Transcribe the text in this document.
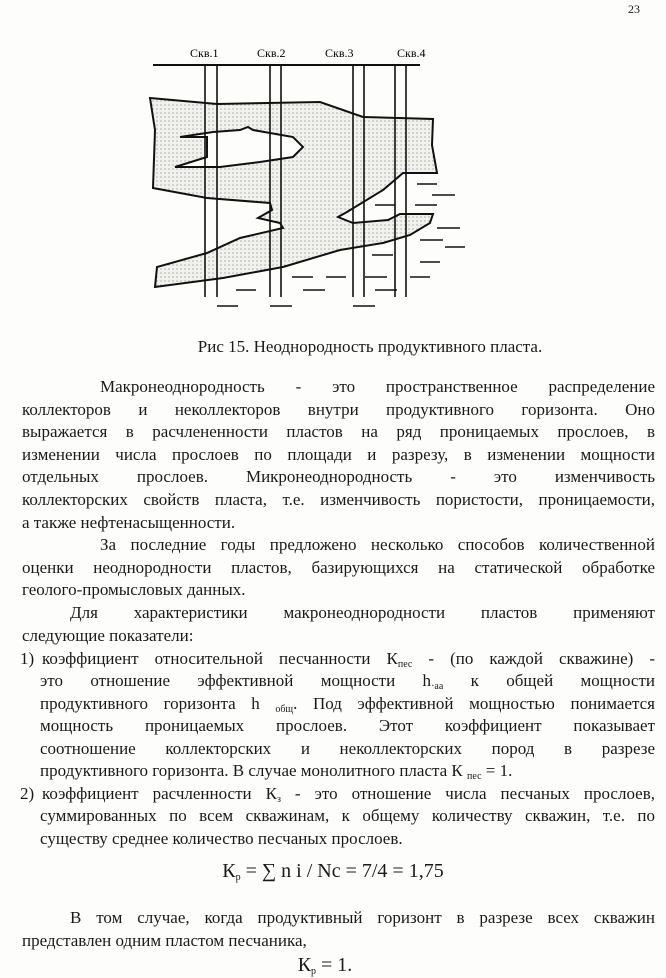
23
Скв.1	Скв.2	Скв.3	Скв.4
Рис 15. Неоднородность продуктивного пласта.
Макронеоднородность - это пространственное распределение
коллекторов и неколлекторов внутри продуктивного горизонта. Оно
выражается в расчлененности пластов на ряд проницаемых прослоев, в
изменении числа прослоев по площади и разрезу, в изменении мощности
отдельных прослоев. Микронеоднородность - это изменчивость
коллекторских свойств пласта, т.е. изменчивость пористости, проницаемости,
а также нефтенасыщенности.
За последние годы предложено несколько способов количественной
оценки неоднородности пластов, базирующихся на статической обработке
геолого-промысловых данных.
Для характеристики макронеоднородности пластов применяют
следующие показатели:
1) коэффициент относительной песчанности $К_{пес} - (по$ каждой скважине) -
это отношение эффективной мощности $h_{\cdot аа}$ к общей мощности
продуктивного горизонта h $_{общ}$. Под эффективной мощностью понимается
мощность проницаемых прослоев. Этот коэффициент показывает
соотношение коллекторских и неколлекторских пород в разрезе
продуктивного горизонта. В случае монолитного пласта К $_{пес}$ = 1.
2) коэффициент расчленности $К_з$ - это отношение числа песчаных прослоев,
суммированных по всем скважинам, к общему количеству скважин, т.е. по
существу среднее количество песчаных прослоев.
В том случае, когда продуктивный горизонт в разрезе всех скважин
представлен одним пластом песчаника,
$К_р$ = ∑ n i / Nc = 7/4 = 1,75
$К_р = 1$.
